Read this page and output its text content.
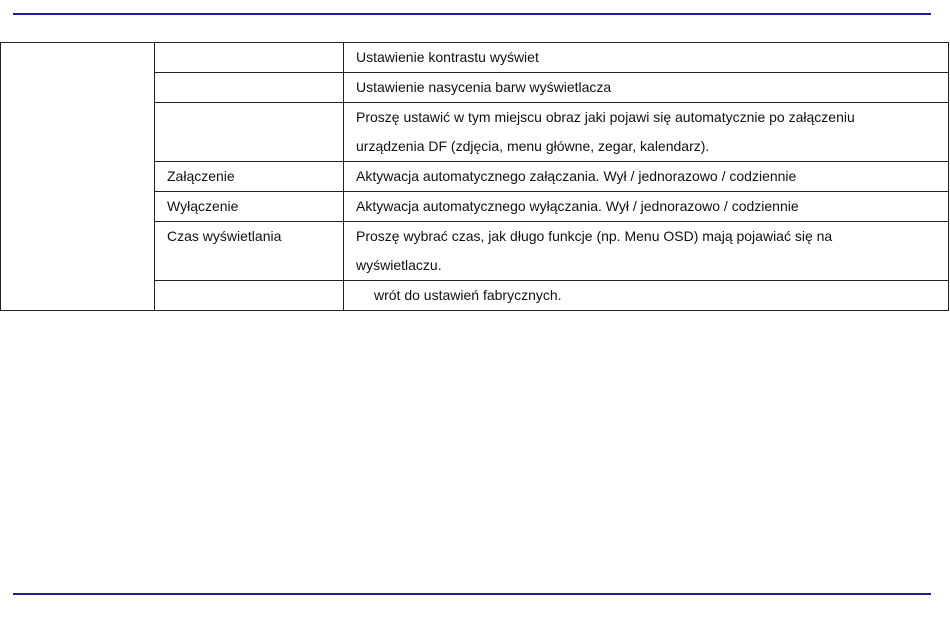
		Ustawienie kontrastu wyświet

		Ustawienie nasycenia barw wyświetlacza

		Proszę ustawić w tym miejscu obraz jaki pojawi się automatycznie po załączeniu urządzenia DF (zdjęcia, menu główne, zegar, kalendarz).

	Załączenie	Aktywacja automatycznego załączania. Wył / jednorazowo / codziennie

	Wyłączenie	Aktywacja automatycznego wyłączania. Wył / jednorazowo / codziennie

	Czas wyświetlania	Proszę wybrać czas, jak długo funkcje (np. Menu OSD) mają pojawiać się na wyświetlaczu.

		wrót do ustawień fabrycznych.
